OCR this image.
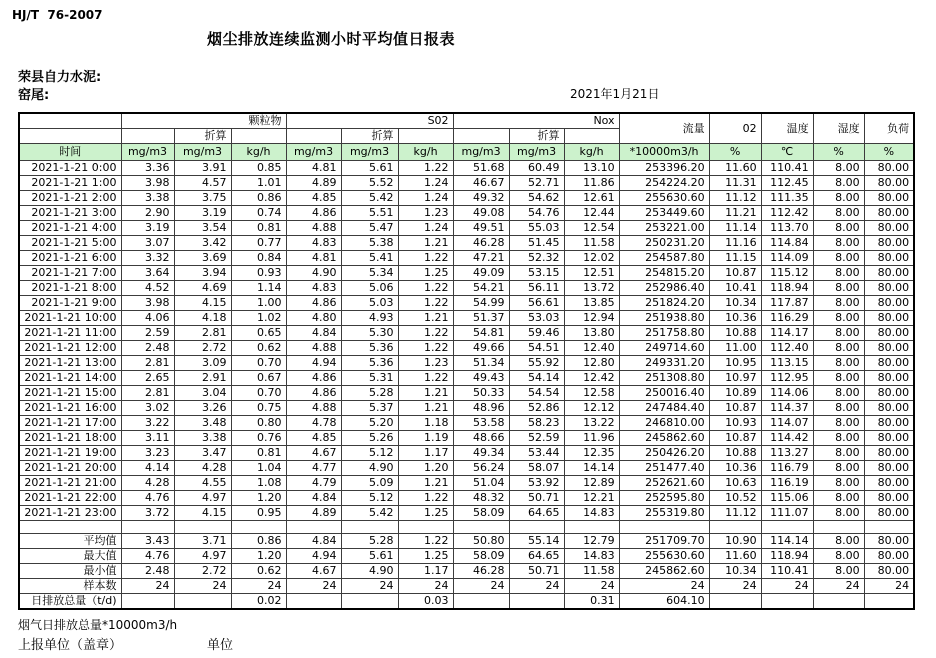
HJ/T  76-2007
烟尘排放连续监测小时平均值日报表
荣县自力水泥:
窑尾:	2021年1月21日
	颗粒物			S02			Nox			流量	02	温度	湿度	负荷
		折算			折算			折算						
时间	mg/m3	mg/m3	kg/h	mg/m3	mg/m3	kg/h	mg/m3	mg/m3	kg/h	*10000m3/h	%	℃	%	%
2021-1-21 0:00	3.36	3.91	0.85	4.81	5.61	1.22	51.68	60.49	13.10	253396.20	11.60	110.41	8.00	80.00
2021-1-21 1:00	3.98	4.57	1.01	4.89	5.52	1.24	46.67	52.71	11.86	254224.20	11.31	112.45	8.00	80.00
2021-1-21 2:00	3.38	3.75	0.86	4.85	5.42	1.24	49.32	54.62	12.61	255630.60	11.12	111.35	8.00	80.00
2021-1-21 3:00	2.90	3.19	0.74	4.86	5.51	1.23	49.08	54.76	12.44	253449.60	11.21	112.42	8.00	80.00
2021-1-21 4:00	3.19	3.54	0.81	4.88	5.47	1.24	49.51	55.03	12.54	253221.00	11.14	113.70	8.00	80.00
2021-1-21 5:00	3.07	3.42	0.77	4.83	5.38	1.21	46.28	51.45	11.58	250231.20	11.16	114.84	8.00	80.00
2021-1-21 6:00	3.32	3.69	0.84	4.81	5.41	1.22	47.21	52.32	12.02	254587.80	11.15	114.09	8.00	80.00
2021-1-21 7:00	3.64	3.94	0.93	4.90	5.34	1.25	49.09	53.15	12.51	254815.20	10.87	115.12	8.00	80.00
2021-1-21 8:00	4.52	4.69	1.14	4.83	5.06	1.22	54.21	56.11	13.72	252986.40	10.41	118.94	8.00	80.00
2021-1-21 9:00	3.98	4.15	1.00	4.86	5.03	1.22	54.99	56.61	13.85	251824.20	10.34	117.87	8.00	80.00
2021-1-21 10:00	4.06	4.18	1.02	4.80	4.93	1.21	51.37	53.03	12.94	251938.80	10.36	116.29	8.00	80.00
2021-1-21 11:00	2.59	2.81	0.65	4.84	5.30	1.22	54.81	59.46	13.80	251758.80	10.88	114.17	8.00	80.00
2021-1-21 12:00	2.48	2.72	0.62	4.88	5.36	1.22	49.66	54.51	12.40	249714.60	11.00	112.40	8.00	80.00
2021-1-21 13:00	2.81	3.09	0.70	4.94	5.36	1.23	51.34	55.92	12.80	249331.20	10.95	113.15	8.00	80.00
2021-1-21 14:00	2.65	2.91	0.67	4.86	5.31	1.22	49.43	54.14	12.42	251308.80	10.97	112.95	8.00	80.00
2021-1-21 15:00	2.81	3.04	0.70	4.86	5.28	1.21	50.33	54.54	12.58	250016.40	10.89	114.06	8.00	80.00
2021-1-21 16:00	3.02	3.26	0.75	4.88	5.37	1.21	48.96	52.86	12.12	247484.40	10.87	114.37	8.00	80.00
2021-1-21 17:00	3.22	3.48	0.80	4.78	5.20	1.18	53.58	58.23	13.22	246810.00	10.93	114.07	8.00	80.00
2021-1-21 18:00	3.11	3.38	0.76	4.85	5.26	1.19	48.66	52.59	11.96	245862.60	10.87	114.42	8.00	80.00
2021-1-21 19:00	3.23	3.47	0.81	4.67	5.12	1.17	49.34	53.44	12.35	250426.20	10.88	113.27	8.00	80.00
2021-1-21 20:00	4.14	4.28	1.04	4.77	4.90	1.20	56.24	58.07	14.14	251477.40	10.36	116.79	8.00	80.00
2021-1-21 21:00	4.28	4.55	1.08	4.79	5.09	1.21	51.04	53.92	12.89	252621.60	10.63	116.19	8.00	80.00
2021-1-21 22:00	4.76	4.97	1.20	4.84	5.12	1.22	48.32	50.71	12.21	252595.80	10.52	115.06	8.00	80.00
2021-1-21 23:00	3.72	4.15	0.95	4.89	5.42	1.25	58.09	64.65	14.83	255319.80	11.12	111.07	8.00	80.00

平均值	3.43	3.71	0.86	4.84	5.28	1.22	50.80	55.14	12.79	251709.70	10.90	114.14	8.00	80.00
最大值	4.76	4.97	1.20	4.94	5.61	1.25	58.09	64.65	14.83	255630.60	11.60	118.94	8.00	80.00
最小值	2.48	2.72	0.62	4.67	4.90	1.17	46.28	50.71	11.58	245862.60	10.34	110.41	8.00	80.00
样本数	24	24	24	24	24	24	24	24	24	24	24	24	24	24
日排放总量（t/d)			0.02			0.03			0.31	604.10				
烟气日排放总量*10000m3/h
上报单位（盖章）	单位
